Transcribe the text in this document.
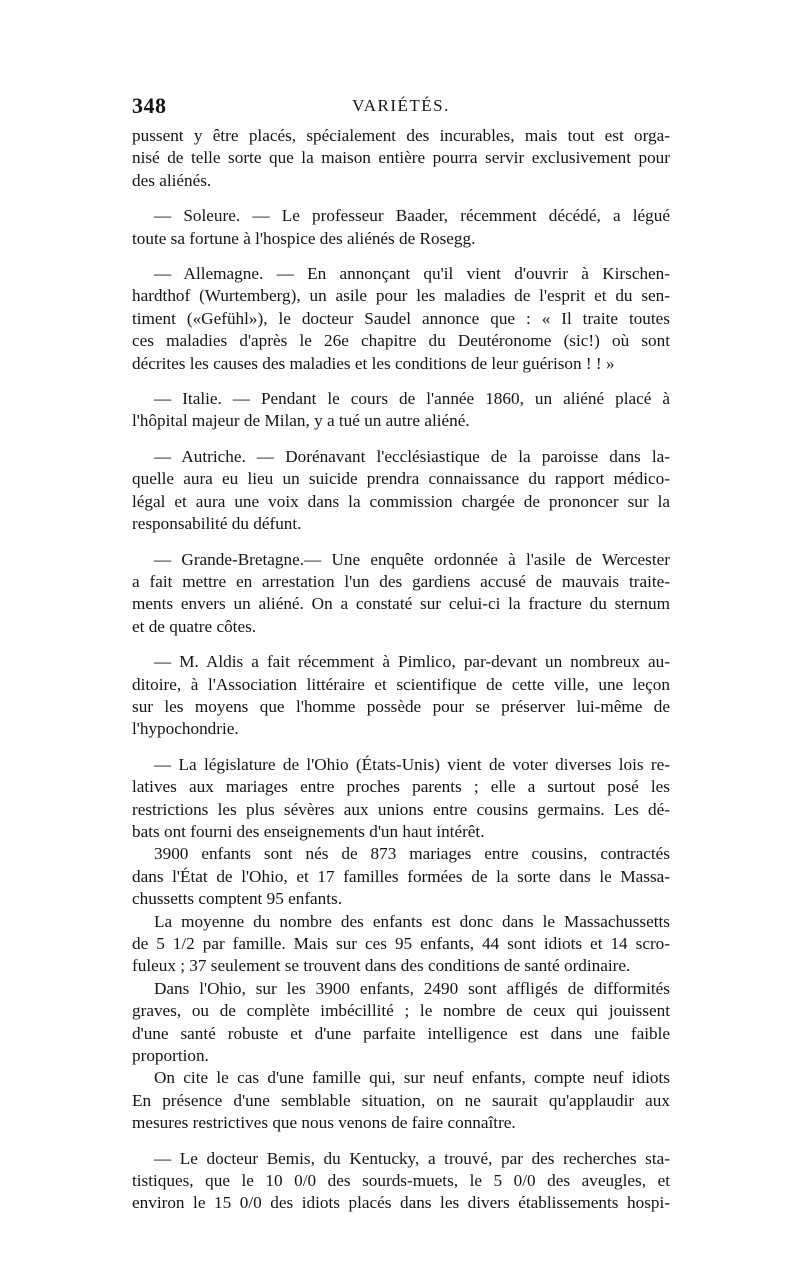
348	VARIÉTÉS.

pussent y être placés, spécialement des incurables, mais tout est orga-
nisé de telle sorte que la maison entière pourra servir exclusivement pour
des aliénés.

— Soleure. — Le professeur Baader, récemment décédé, a légué
toute sa fortune à l'hospice des aliénés de Rosegg.

— Allemagne. — En annonçant qu'il vient d'ouvrir à Kirschen-
hardthof (Wurtemberg), un asile pour les maladies de l'esprit et du sen-
timent («Gefühl»), le docteur Saudel annonce que : « Il traite toutes
ces maladies d'après le 26e chapitre du Deutéronome (sic!) où sont
décrites les causes des maladies et les conditions de leur guérison ! ! »

— Italie. — Pendant le cours de l'année 1860, un aliéné placé à
l'hôpital majeur de Milan, y a tué un autre aliéné.

— Autriche. — Dorénavant l'ecclésiastique de la paroisse dans la-
quelle aura eu lieu un suicide prendra connaissance du rapport médico-
légal et aura une voix dans la commission chargée de prononcer sur la
responsabilité du défunt.

— Grande-Bretagne.— Une enquête ordonnée à l'asile de Wercester
a fait mettre en arrestation l'un des gardiens accusé de mauvais traite-
ments envers un aliéné. On a constaté sur celui-ci la fracture du sternum
et de quatre côtes.

— M. Aldis a fait récemment à Pimlico, par-devant un nombreux au-
ditoire, à l'Association littéraire et scientifique de cette ville, une leçon
sur les moyens que l'homme possède pour se préserver lui-même de
l'hypochondrie.

— La législature de l'Ohio (États-Unis) vient de voter diverses lois re-
latives aux mariages entre proches parents ; elle a surtout posé les
restrictions les plus sévères aux unions entre cousins germains. Les dé-
bats ont fourni des enseignements d'un haut intérêt.

3900 enfants sont nés de 873 mariages entre cousins, contractés
dans l'État de l'Ohio, et 17 familles formées de la sorte dans le Massa-
chussetts comptent 95 enfants.

La moyenne du nombre des enfants est donc dans le Massachussetts
de 5 1/2 par famille. Mais sur ces 95 enfants, 44 sont idiots et 14 scro-
fuleux ; 37 seulement se trouvent dans des conditions de santé ordinaire.

Dans l'Ohio, sur les 3900 enfants, 2490 sont affligés de difformités
graves, ou de complète imbécillité ; le nombre de ceux qui jouissent
d'une santé robuste et d'une parfaite intelligence est dans une faible
proportion.

On cite le cas d'une famille qui, sur neuf enfants, compte neuf idiots
En présence d'une semblable situation, on ne saurait qu'applaudir aux
mesures restrictives que nous venons de faire connaître.

— Le docteur Bemis, du Kentucky, a trouvé, par des recherches sta-
tistiques, que le 10 0/0 des sourds-muets, le 5 0/0 des aveugles, et
environ le 15 0/0 des idiots placés dans les divers établissements hospi-
